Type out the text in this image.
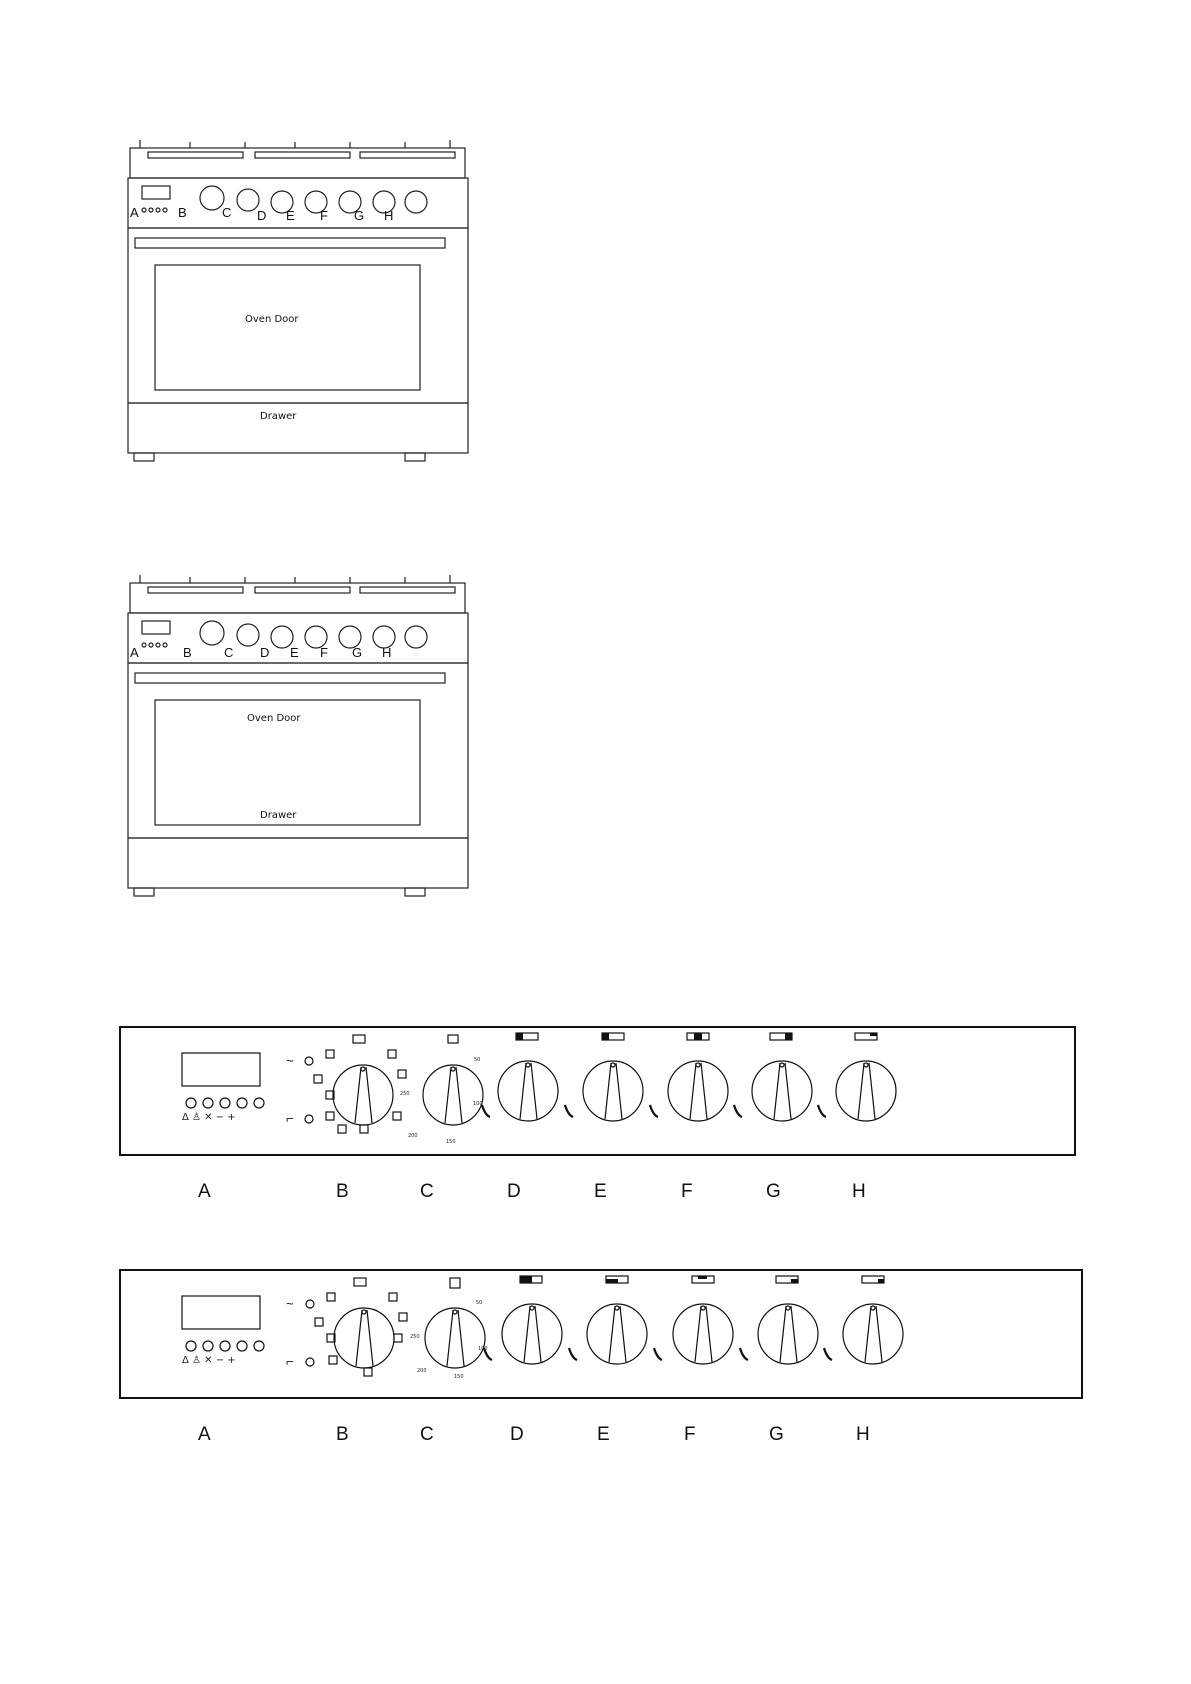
A	B	C D E F G H
Oven Door
Drawer
A	B C D E F G H
Oven Door
Drawer
~
⌐
50
250
100
200
150
Δ ♙ ✕ − +
A	B	C	D	E	F	G	H
~
⌐
50
250
100
200
150
Δ ♙ ✕ − +
A	B	C	D	E	F	G	H
